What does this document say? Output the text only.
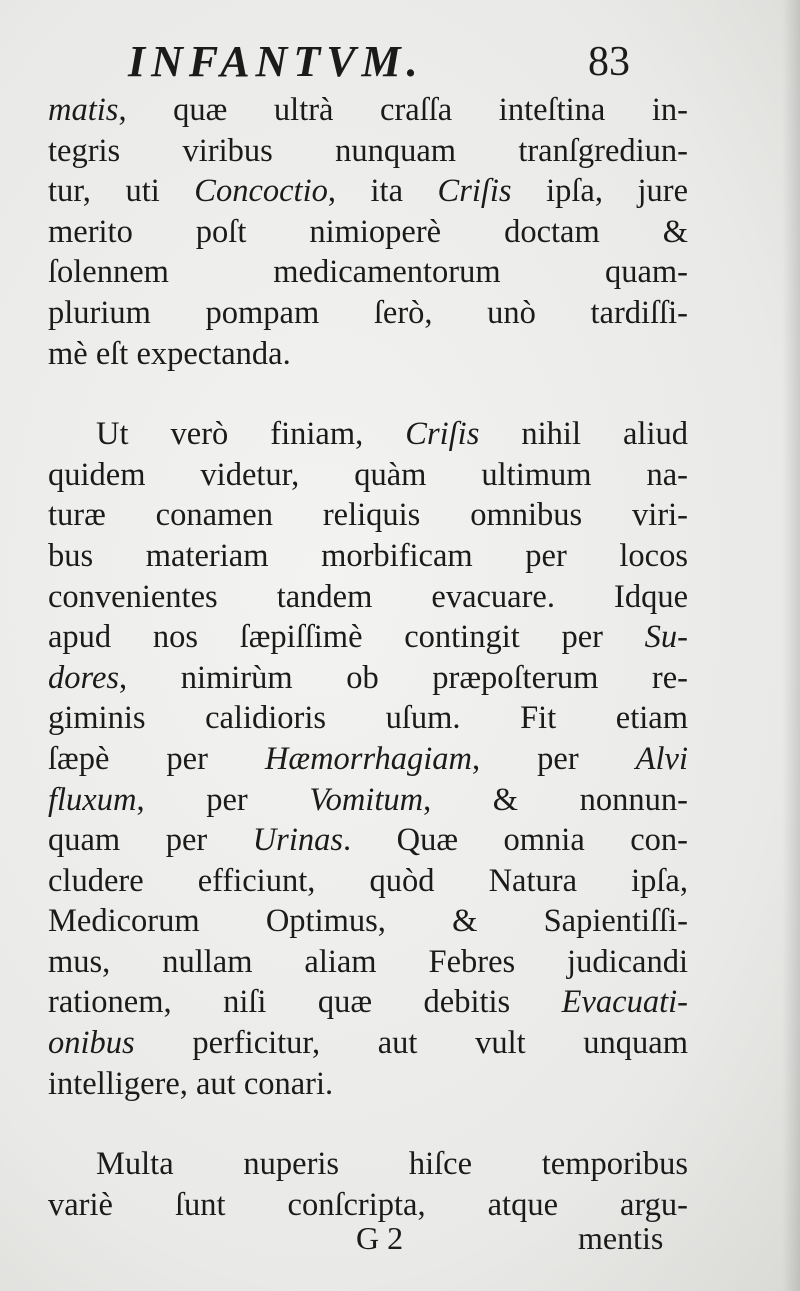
INFANTVM.	83
matis, quæ ultrà craſſa inteſtina in-
tegris viribus nunquam tranſgrediun-
tur, uti Concoctio, ita Criſis ipſa, jure
merito poſt nimioperè doctam &
ſolennem medicamentorum quam-
plurium pompam ſerò, unò tardiſſi-
mè eſt expectanda.
Ut verò finiam, Criſis nihil aliud
quidem videtur, quàm ultimum na-
turæ conamen reliquis omnibus viri-
bus materiam morbificam per locos
convenientes tandem evacuare. Idque
apud nos ſæpiſſimè contingit per Su-
dores, nimirùm ob præpoſterum re-
giminis calidioris uſum. Fit etiam
ſæpè per Hæmorrhagiam, per Alvi
fluxum, per Vomitum, & nonnun-
quam per Urinas. Quæ omnia con-
cludere efficiunt, quòd Natura ipſa,
Medicorum Optimus, & Sapientiſſi-
mus, nullam aliam Febres judicandi
rationem, niſi quæ debitis Evacuati-
onibus perficitur, aut vult unquam
intelligere, aut conari.
Multa nuperis hiſce temporibus
variè ſunt conſcripta, atque argu-
G 2	mentis
